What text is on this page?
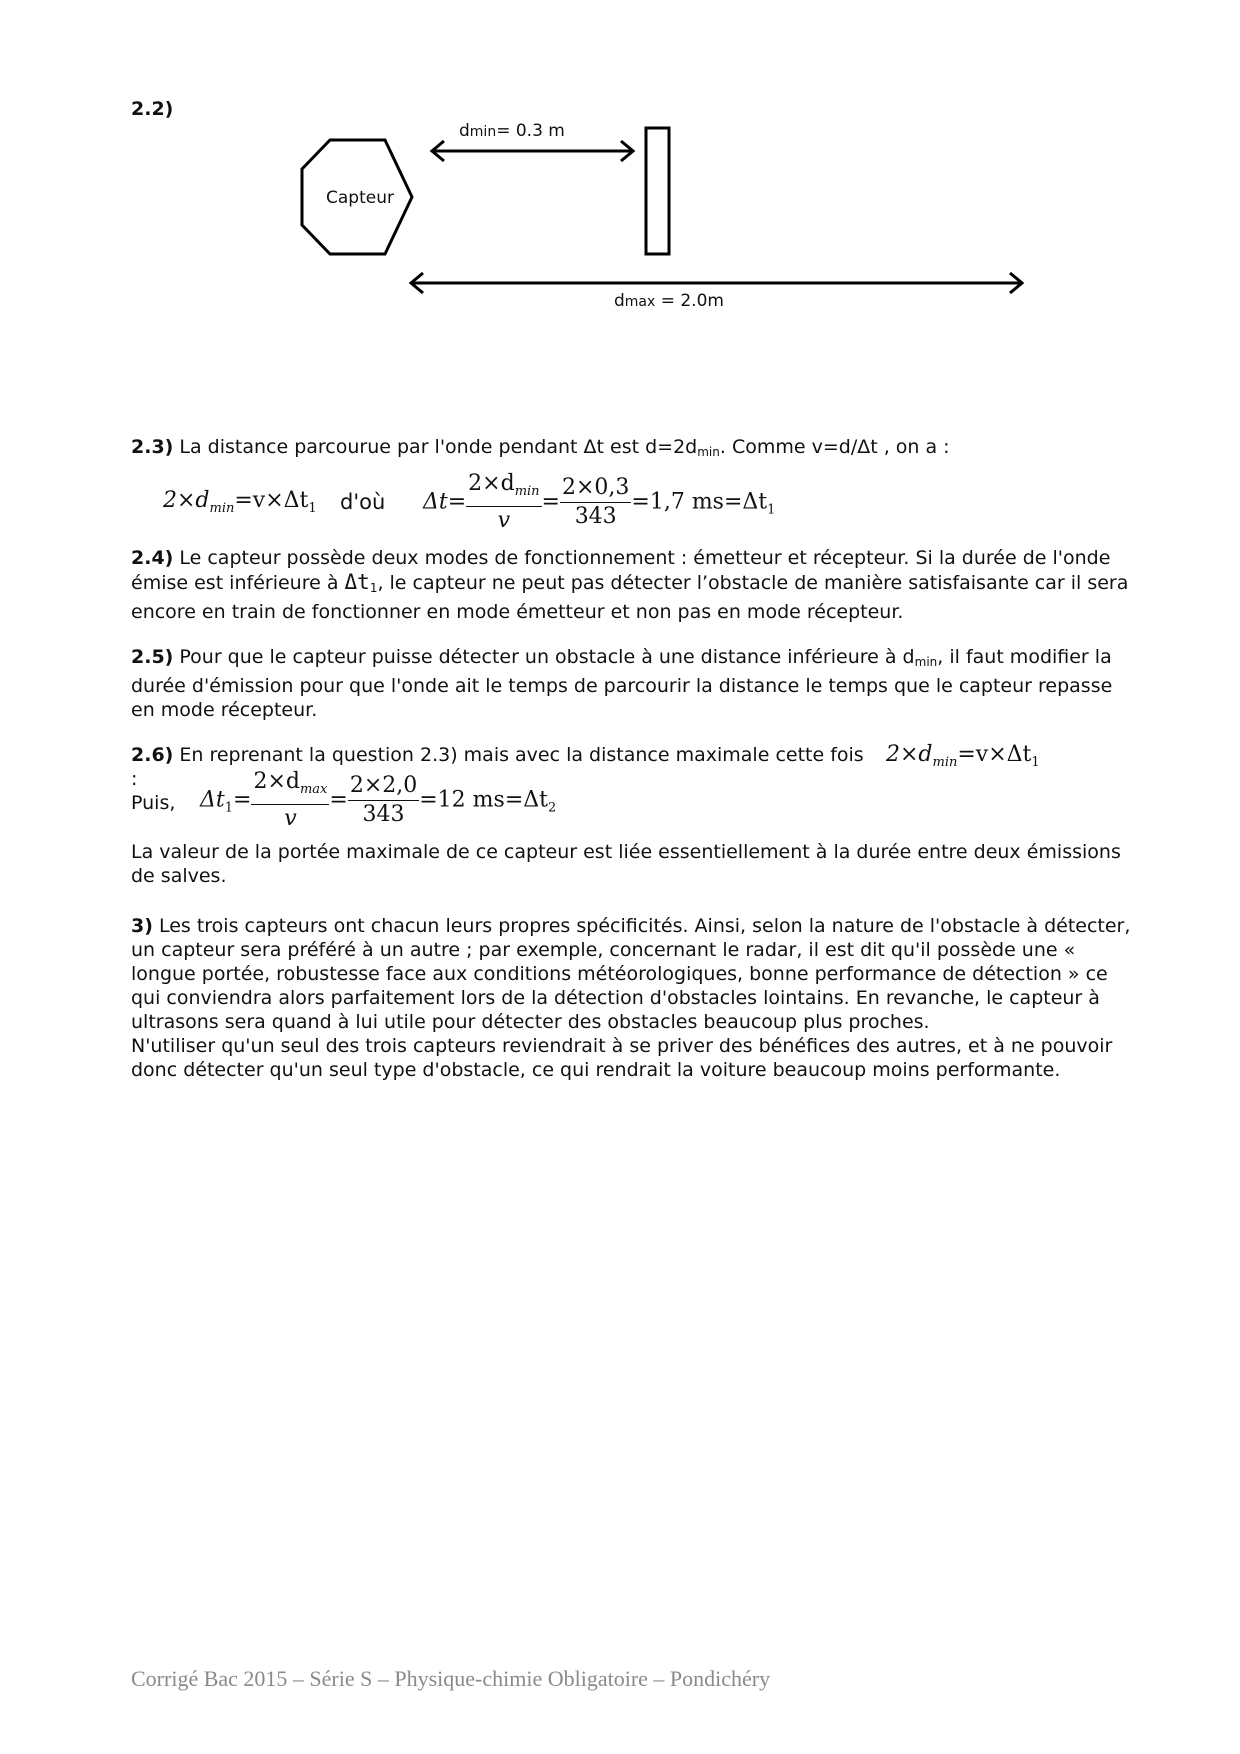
2.2)
Capteur
dmin= 0.3 m
dmax = 2.0m
2.3) La distance parcourue par l'onde pendant Δt est d=2dmin. Comme v=d/Δt , on a :
$2\times d_{min}=v\times\Delta t_1$ d'où $\Delta t= \frac{2\times d_{min}}{v} = \frac{2\times 0,3}{343} =1,7$ $ms=\Delta t_1$
2.4) Le capteur possède deux modes de fonctionnement : émetteur et récepteur. Si la durée de l'onde émise est inférieure à Δt1, le capteur ne peut pas détecter l’obstacle de manière satisfaisante car il sera encore en train de fonctionner en mode émetteur et non pas en mode récepteur.
2.5) Pour que le capteur puisse détecter un obstacle à une distance inférieure à dmin, il faut modifier la durée d'émission pour que l'onde ait le temps de parcourir la distance le temps que le capteur repasse en mode récepteur.
2.6) En reprenant la question 2.3) mais avec la distance maximale cette fois :
$2\times d_{min}=v\times\Delta t_1$
Puis, $\Delta t_1= \frac{2\times d_{max}}{v} = \frac{2\times 2,0}{343} =12$ $ms=\Delta t_2$
La valeur de la portée maximale de ce capteur est liée essentiellement à la durée entre deux émissions de salves.
3) Les trois capteurs ont chacun leurs propres spécificités. Ainsi, selon la nature de l'obstacle à détecter, un capteur sera préféré à un autre ; par exemple, concernant le radar, il est dit qu'il possède une « longue portée, robustesse face aux conditions météorologiques, bonne performance de détection » ce qui conviendra alors parfaitement lors de la détection d'obstacles lointains. En revanche, le capteur à ultrasons sera quand à lui utile pour détecter des obstacles beaucoup plus proches.
N'utiliser qu'un seul des trois capteurs reviendrait à se priver des bénéfices des autres, et à ne pouvoir donc détecter qu'un seul type d'obstacle, ce qui rendrait la voiture beaucoup moins performante.
Corrigé Bac 2015 – Série S – Physique-chimie Obligatoire – Pondichéry
